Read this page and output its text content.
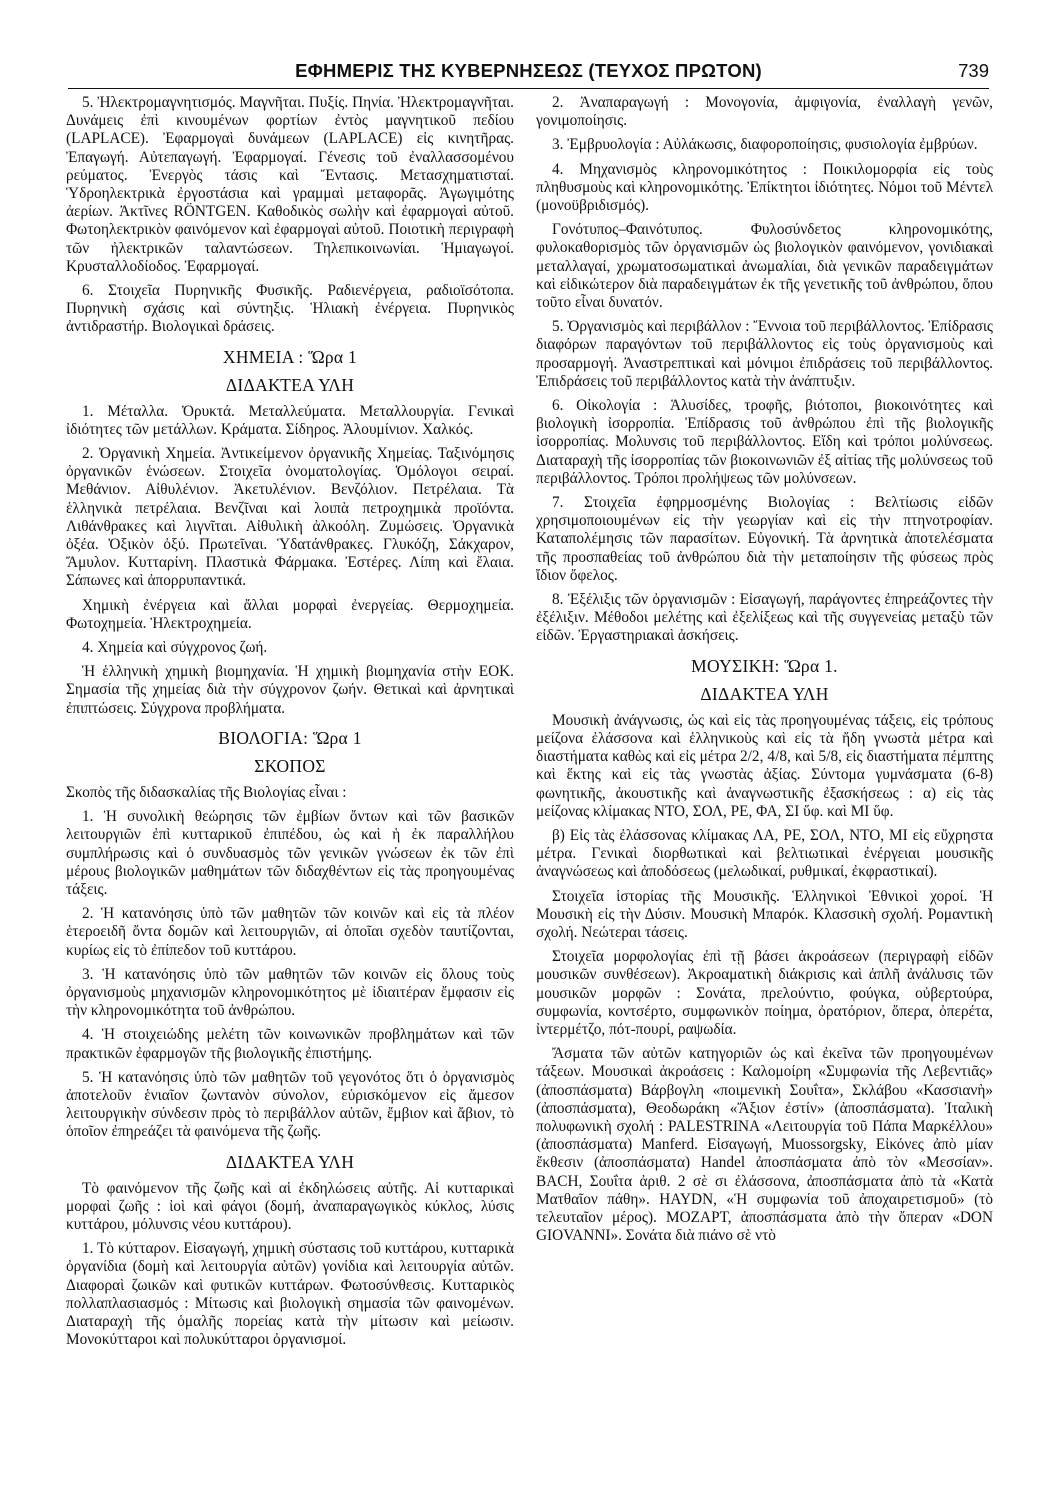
ΕΦΗΜΕΡΙΣ ΤΗΣ ΚΥΒΕΡΝΗΣΕΩΣ (ΤΕΥΧΟΣ ΠΡΩΤΟΝ)	739

5. Ἠλεκτρομαγνητισμός. Μαγνῆται. Πυξίς. Πηνία. Ἠλεκτρομαγνῆται. Δυνάμεις ἐπὶ κινουμένων φορτίων ἐντὸς μαγνητικοῦ πεδίου (LAPLACE). Ἐφαρμογαὶ δυνάμεων (LAPLACE) εἰς κινητῆρας. Ἐπαγωγή. Αὐτεπαγωγή. Ἐφαρμογαί. Γένεσις τοῦ ἐναλλασσομένου ρεύματος. Ἐνεργὸς τάσις καὶ Ἔντασις. Μετασχηματισταί. Ὑδροηλεκτρικὰ ἐργοστάσια καὶ γραμμαὶ μεταφορᾶς. Ἀγωγιμότης ἀερίων. Ἀκτῖνες RÖNTGEN. Καθοδικὸς σωλὴν καὶ ἐφαρμογαὶ αὐτοῦ. Φωτοηλεκτρικὸν φαινόμενον καὶ ἐφαρμογαὶ αὐτοῦ. Ποιοτικὴ περιγραφὴ τῶν ἠλεκτρικῶν ταλαντώσεων. Τηλεπικοινωνίαι. Ἡμιαγωγοί. Κρυσταλλοδίοδος. Ἐφαρμογαί.

6. Στοιχεῖα Πυρηνικῆς Φυσικῆς. Ραδιενέργεια, ραδιοϊσότοπα. Πυρηνικὴ σχάσις καὶ σύντηξις. Ἡλιακὴ ἐνέργεια. Πυρηνικὸς ἀντιδραστήρ. Βιολογικαὶ δράσεις.

ΧΗΜΕΙΑ : Ὥρα 1
ΔΙΔΑΚΤΕΑ ΥΛΗ

1. Μέταλλα. Ὀρυκτά. Μεταλλεύματα. Μεταλλουργία. Γενικαὶ ἰδιότητες τῶν μετάλλων. Κράματα. Σίδηρος. Ἀλουμίνιον. Χαλκός.

2. Ὀργανικὴ Χημεία. Ἀντικείμενον ὀργανικῆς Χημείας. Ταξινόμησις ὀργανικῶν ἑνώσεων. Στοιχεῖα ὀνοματολογίας. Ὁμόλογοι σειραί. Μεθάνιον. Αἰθυλένιον. Ἀκετυλένιον. Βενζόλιον. Πετρέλαια. Τὰ ἑλληνικὰ πετρέλαια. Βενζῖναι καὶ λοιπὰ πετροχημικὰ προϊόντα. Λιθάνθρακες καὶ λιγνῖται. Αἰθυλικὴ ἀλκοόλη. Ζυμώσεις. Ὀργανικὰ ὀξέα. Ὀξικὸν ὀξύ. Πρωτεῖναι. Ὑδατάνθρακες. Γλυκόζη, Σάκχαρον, Ἄμυλον. Κυτταρίνη. Πλαστικὰ Φάρμακα. Ἐστέρες. Λίπη καὶ ἔλαια. Σάπωνες καὶ ἀπορρυπαντικά.

Χημικὴ ἐνέργεια καὶ ἄλλαι μορφαὶ ἐνεργείας. Θερμοχημεία. Φωτοχημεία. Ἠλεκτροχημεία.

4. Χημεία καὶ σύγχρονος ζωή.

Ἡ ἑλληνικὴ χημικὴ βιομηχανία. Ἡ χημικὴ βιομηχανία στὴν ΕΟΚ. Σημασία τῆς χημείας διὰ τὴν σύγχρονον ζωήν. Θετικαὶ καὶ ἀρνητικαὶ ἐπιπτώσεις. Σύγχρονα προβλήματα.

ΒΙΟΛΟΓΙΑ: Ὥρα 1
ΣΚΟΠΟΣ

Σκοπὸς τῆς διδασκαλίας τῆς Βιολογίας εἶναι :

1. Ἡ συνολικὴ θεώρησις τῶν ἐμβίων ὄντων καὶ τῶν βασικῶν λειτουργιῶν ἐπὶ κυτταρικοῦ ἐπιπέδου, ὡς καὶ ἡ ἐκ παραλλήλου συμπλήρωσις καὶ ὁ συνδυασμὸς τῶν γενικῶν γνώσεων ἐκ τῶν ἐπὶ μέρους βιολογικῶν μαθημάτων τῶν διδαχθέντων εἰς τὰς προηγουμένας τάξεις.

2. Ἡ κατανόησις ὑπὸ τῶν μαθητῶν τῶν κοινῶν καὶ εἰς τὰ πλέον ἑτεροειδῆ ὄντα δομῶν καὶ λειτουργιῶν, αἱ ὁποῖαι σχεδὸν ταυτίζονται, κυρίως εἰς τὸ ἐπίπεδον τοῦ κυττάρου.

3. Ἡ κατανόησις ὑπὸ τῶν μαθητῶν τῶν κοινῶν εἰς ὅλους τοὺς ὀργανισμοὺς μηχανισμῶν κληρονομικότητος μὲ ἰδιαιτέραν ἔμφασιν εἰς τὴν κληρονομικότητα τοῦ ἀνθρώπου.

4. Ἡ στοιχειώδης μελέτη τῶν κοινωνικῶν προβλημάτων καὶ τῶν πρακτικῶν ἐφαρμογῶν τῆς βιολογικῆς ἐπιστήμης.

5. Ἡ κατανόησις ὑπὸ τῶν μαθητῶν τοῦ γεγονότος ὅτι ὁ ὀργανισμὸς ἀποτελοῦν ἑνιαῖον ζωντανὸν σύνολον, εὑρισκόμενον εἰς ἄμεσον λειτουργικὴν σύνδεσιν πρὸς τὸ περιβάλλον αὐτῶν, ἔμβιον καὶ ἄβιον, τὸ ὁποῖον ἐπηρεάζει τὰ φαινόμενα τῆς ζωῆς.

ΔΙΔΑΚΤΕΑ ΥΛΗ

Τὸ φαινόμενον τῆς ζωῆς καὶ αἱ ἐκδηλώσεις αὐτῆς. Αἱ κυτταρικαὶ μορφαὶ ζωῆς : ἰοὶ καὶ φάγοι (δομή, ἀναπαραγωγικὸς κύκλος, λύσις κυττάρου, μόλυνσις νέου κυττάρου).

1. Τὸ κύτταρον. Εἰσαγωγή, χημικὴ σύστασις τοῦ κυττάρου, κυτταρικὰ ὀργανίδια (δομὴ καὶ λειτουργία αὐτῶν) γονίδια καὶ λειτουργία αὐτῶν. Διαφοραὶ ζωικῶν καὶ φυτικῶν κυττάρων. Φωτοσύνθεσις. Κυτταρικὸς πολλαπλασιασμός : Μίτωσις καὶ βιολογικὴ σημασία τῶν φαινομένων. Διαταραχὴ τῆς ὁμαλῆς πορείας κατὰ τὴν μίτωσιν καὶ μείωσιν. Μονοκύτταροι καὶ πολυκύτταροι ὀργανισμοί.

2. Ἀναπαραγωγή : Μονογονία, ἀμφιγονία, ἐναλλαγὴ γενῶν, γονιμοποίησις.

3. Ἐμβρυολογία : Αὐλάκωσις, διαφοροποίησις, φυσιολογία ἐμβρύων.

4. Μηχανισμὸς κληρονομικότητος : Ποικιλομορφία εἰς τοὺς πληθυσμοὺς καὶ κληρονομικότης. Ἐπίκτητοι ἰδιότητες. Νόμοι τοῦ Μέντελ (μονοϋβριδισμός).

Γονότυπος–Φαινότυπος. Φυλοσύνδετος κληρονομικότης, φυλοκαθορισμὸς τῶν ὀργανισμῶν ὡς βιολογικὸν φαινόμενον, γονιδιακαὶ μεταλλαγαί, χρωματοσωματικαὶ ἀνωμαλίαι, διὰ γενικῶν παραδειγμάτων καὶ εἰδικώτερον διὰ παραδειγμάτων ἐκ τῆς γενετικῆς τοῦ ἀνθρώπου, ὅπου τοῦτο εἶναι δυνατόν.

5. Ὀργανισμὸς καὶ περιβάλλον : Ἔννοια τοῦ περιβάλλοντος. Ἐπίδρασις διαφόρων παραγόντων τοῦ περιβάλλοντος εἰς τοὺς ὀργανισμοὺς καὶ προσαρμογή. Ἀναστρεπτικαὶ καὶ μόνιμοι ἐπιδράσεις τοῦ περιβάλλοντος. Ἐπιδράσεις τοῦ περιβάλλοντος κατὰ τὴν ἀνάπτυξιν.

6. Οἰκολογία : Ἁλυσίδες, τροφῆς, βιότοποι, βιοκοινότητες καὶ βιολογικὴ ἰσορροπία. Ἐπίδρασις τοῦ ἀνθρώπου ἐπὶ τῆς βιολογικῆς ἰσορροπίας. Μολυνσις τοῦ περιβάλλοντος. Εἴδη καὶ τρόποι μολύνσεως. Διαταραχὴ τῆς ἰσορροπίας τῶν βιοκοινωνιῶν ἐξ αἰτίας τῆς μολύνσεως τοῦ περιβάλλοντος. Τρόποι προλήψεως τῶν μολύνσεων.

7. Στοιχεῖα ἐφηρμοσμένης Βιολογίας : Βελτίωσις εἰδῶν χρησιμοποιουμένων εἰς τὴν γεωργίαν καὶ εἰς τὴν πτηνοτροφίαν. Καταπολέμησις τῶν παρασίτων. Εὐγονική. Τὰ ἀρνητικὰ ἀποτελέσματα τῆς προσπαθείας τοῦ ἀνθρώπου διὰ τὴν μεταποίησιν τῆς φύσεως πρὸς ἴδιον ὄφελος.

8. Ἐξέλιξις τῶν ὀργανισμῶν : Εἰσαγωγή, παράγοντες ἐπηρεάζοντες τὴν ἐξέλιξιν. Μέθοδοι μελέτης καὶ ἐξελίξεως καὶ τῆς συγγενείας μεταξὺ τῶν εἰδῶν. Ἐργαστηριακαὶ ἀσκήσεις.

ΜΟΥΣΙΚΗ: Ὥρα 1.
ΔΙΔΑΚΤΕΑ ΥΛΗ

Μουσικὴ ἀνάγνωσις, ὡς καὶ εἰς τὰς προηγουμένας τάξεις, εἰς τρόπους μείζονα ἐλάσσονα καὶ ἑλληνικοὺς καὶ εἰς τὰ ἤδη γνωστὰ μέτρα καὶ διαστήματα καθὼς καὶ εἰς μέτρα 2/2, 4/8, καὶ 5/8, εἰς διαστήματα πέμπτης καὶ ἕκτης καὶ εἰς τὰς γνωστὰς ἀξίας. Σύντομα γυμνάσματα (6-8) φωνητικῆς, ἀκουστικῆς καὶ ἀναγνωστικῆς ἐξασκήσεως : α) εἰς τὰς μείζονας κλίμακας ΝΤΟ, ΣΟΛ, ΡΕ, ΦΑ, ΣΙ ὕφ. καὶ ΜΙ ὕφ.

β) Εἰς τὰς ἐλάσσονας κλίμακας ΛΑ, ΡΕ, ΣΟΛ, ΝΤΟ, ΜΙ εἰς εὔχρηστα μέτρα. Γενικαὶ διορθωτικαὶ καὶ βελτιωτικαὶ ἐνέργειαι μουσικῆς ἀναγνώσεως καὶ ἀποδόσεως (μελωδικαί, ρυθμικαί, ἐκφραστικαί).

Στοιχεῖα ἱστορίας τῆς Μουσικῆς. Ἑλληνικοὶ Ἐθνικοὶ χοροί. Ἡ Μουσικὴ εἰς τὴν Δύσιν. Μουσικὴ Μπαρόκ. Κλασσικὴ σχολή. Ρομαντικὴ σχολή. Νεώτεραι τάσεις.

Στοιχεῖα μορφολογίας ἐπὶ τῇ βάσει ἀκροάσεων (περιγραφὴ εἰδῶν μουσικῶν συνθέσεων). Ἀκροαματικὴ διάκρισις καὶ ἁπλῆ ἀνάλυσις τῶν μουσικῶν μορφῶν : Σονάτα, πρελούντιο, φούγκα, οὐβερτούρα, συμφωνία, κοντσέρτο, συμφωνικὸν ποίημα, ὀρατόριον, ὄπερα, ὀπερέτα, ἰντερμέτζο, πότ-πουρί, ραψωδία.

Ἄσματα τῶν αὐτῶν κατηγοριῶν ὡς καὶ ἐκεῖνα τῶν προηγουμένων τάξεων. Μουσικαὶ ἀκροάσεις : Καλομοίρη «Συμφωνία τῆς Λεβεντιᾶς» (ἀποσπάσματα) Βάρβογλη «ποιμενικὴ Σουΐτα», Σκλάβου «Κασσιανὴ» (ἀποσπάσματα), Θεοδωράκη «Ἄξιον ἐστίν» (ἀποσπάσματα). Ἰταλικὴ πολυφωνικὴ σχολή : PALESTRINA «Λειτουργία τοῦ Πάπα Μαρκέλλου» (ἀποσπάσματα) Manferd. Εἰσαγωγή, Muossorgsky, Εἰκόνες ἀπὸ μίαν ἔκθεσιν (ἀποσπάσματα) Handel ἀποσπάσματα ἀπὸ τὸν «Μεσσίαν». BACH, Σουΐτα ἀριθ. 2 σὲ σι ἐλάσσονα, ἀποσπάσματα ἀπὸ τὰ «Κατὰ Ματθαῖον πάθη». HAYDN, «Ἡ συμφωνία τοῦ ἀποχαιρετισμοῦ» (τὸ τελευταῖον μέρος). ΜΟΖΑΡΤ, ἀποσπάσματα ἀπὸ τὴν ὄπεραν «DON GIOVANNI». Σονάτα διὰ πιάνο σὲ ντὸ
